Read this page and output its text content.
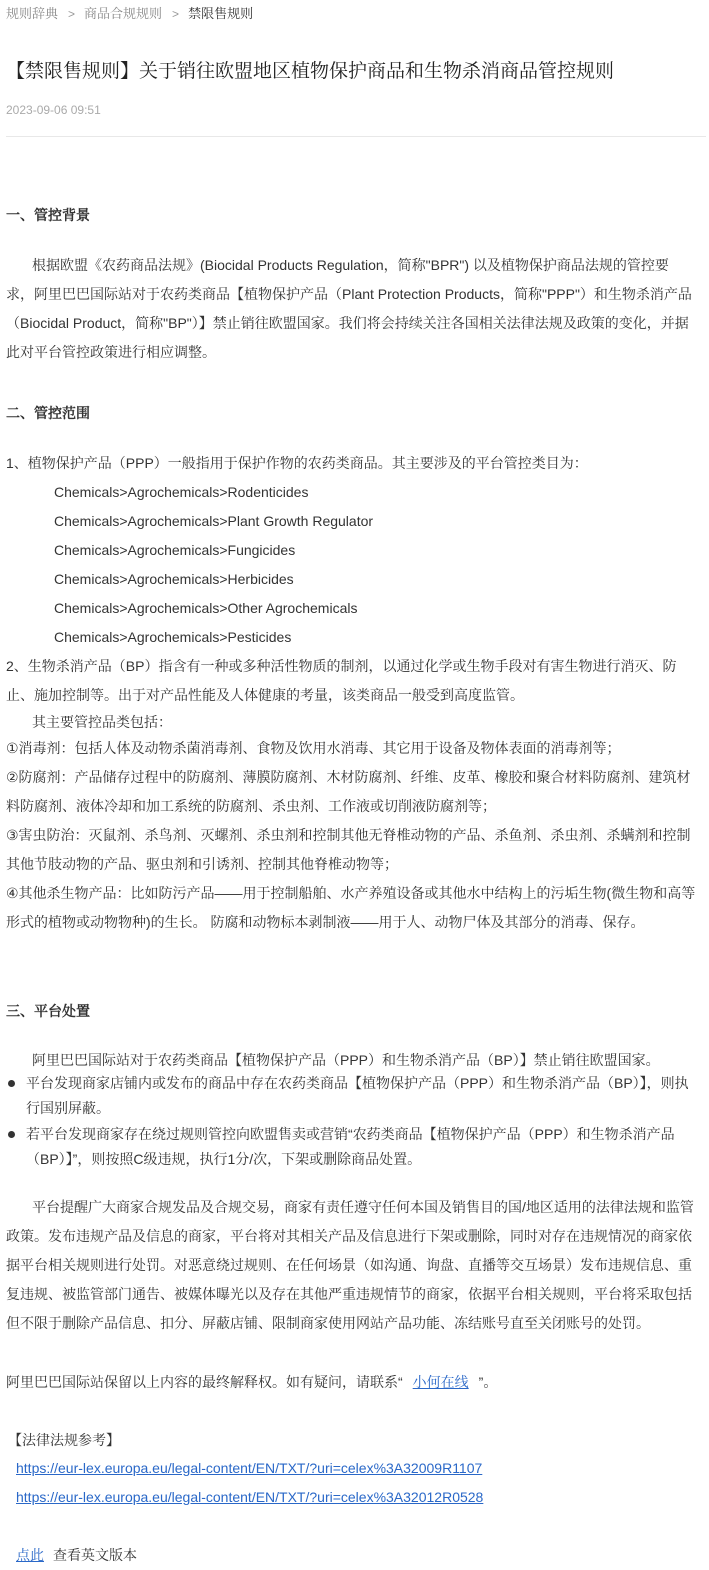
规则辞典 > 商品合规规则 > 禁限售规则
【禁限售规则】关于销往欧盟地区植物保护商品和生物杀消商品管控规则
2023-09-06 09:51
一、管控背景

根据欧盟《农药商品法规》(Biocidal Products Regulation，简称"BPR") 以及植物保护商品法规的管控要求，阿里巴巴国际站对于农药类商品【植物保护产品（Plant Protection Products，简称"PPP"）和生物杀消产品（Biocidal Product，简称"BP"）】禁止销往欧盟国家。我们将会持续关注各国相关法律法规及政策的变化，并据此对平台管控政策进行相应调整。

二、管控范围
1、植物保护产品（PPP）一般指用于保护作物的农药类商品。其主要涉及的平台管控类目为：
Chemicals>Agrochemicals>Rodenticides
Chemicals>Agrochemicals>Plant Growth Regulator
Chemicals>Agrochemicals>Fungicides
Chemicals>Agrochemicals>Herbicides
Chemicals>Agrochemicals>Other Agrochemicals
Chemicals>Agrochemicals>Pesticides

2、生物杀消产品（BP）指含有一种或多种活性物质的制剂，以通过化学或生物手段对有害生物进行消灭、防止、施加控制等。出于对产品性能及人体健康的考量，该类商品一般受到高度监管。

其主要管控品类包括：

①消毒剂：包括人体及动物杀菌消毒剂、食物及饮用水消毒、其它用于设备及物体表面的消毒剂等；

②防腐剂：产品储存过程中的防腐剂、薄膜防腐剂、木材防腐剂、纤维、皮革、橡胶和聚合材料防腐剂、建筑材料防腐剂、液体冷却和加工系统的防腐剂、杀虫剂、工作液或切削液防腐剂等；

③害虫防治：灭鼠剂、杀鸟剂、灭螺剂、杀虫剂和控制其他无脊椎动物的产品、杀鱼剂、杀虫剂、杀螨剂和控制其他节肢动物的产品、驱虫剂和引诱剂、控制其他脊椎动物等；

④其他杀生物产品：比如防污产品——用于控制船舶、水产养殖设备或其他水中结构上的污垢生物(微生物和高等形式的植物或动物物种)的生长。 防腐和动物标本剥制液——用于人、动物尸体及其部分的消毒、保存。

三、平台处置
阿里巴巴国际站对于农药类商品【植物保护产品（PPP）和生物杀消产品（BP）】禁止销往欧盟国家。
平台发现商家店铺内或发布的商品中存在农药类商品【植物保护产品（PPP）和生物杀消产品（BP）】，则执行国别屏蔽。
若平台发现商家存在绕过规则管控向欧盟售卖或营销“农药类商品【植物保护产品（PPP）和生物杀消产品（BP）】”，则按照C级违规，执行1分/次，下架或删除商品处置。

平台提醒广大商家合规发品及合规交易，商家有责任遵守任何本国及销售目的国/地区适用的法律法规和监管政策。发布违规产品及信息的商家，平台将对其相关产品及信息进行下架或删除，同时对存在违规情况的商家依据平台相关规则进行处罚。对恶意绕过规则、在任何场景（如沟通、询盘、直播等交互场景）发布违规信息、重复违规、被监管部门通告、被媒体曝光以及存在其他严重违规情节的商家，依据平台相关规则，平台将采取包括但不限于删除产品信息、扣分、屏蔽店铺、限制商家使用网站产品功能、冻结账号直至关闭账号的处罚。

阿里巴巴国际站保留以上内容的最终解释权。如有疑问，请联系“ 小何在线 ”。
【法律法规参考】
https://eur-lex.europa.eu/legal-content/EN/TXT/?uri=celex%3A32009R1107
https://eur-lex.europa.eu/legal-content/EN/TXT/?uri=celex%3A32012R0528
点此 查看英文版本
